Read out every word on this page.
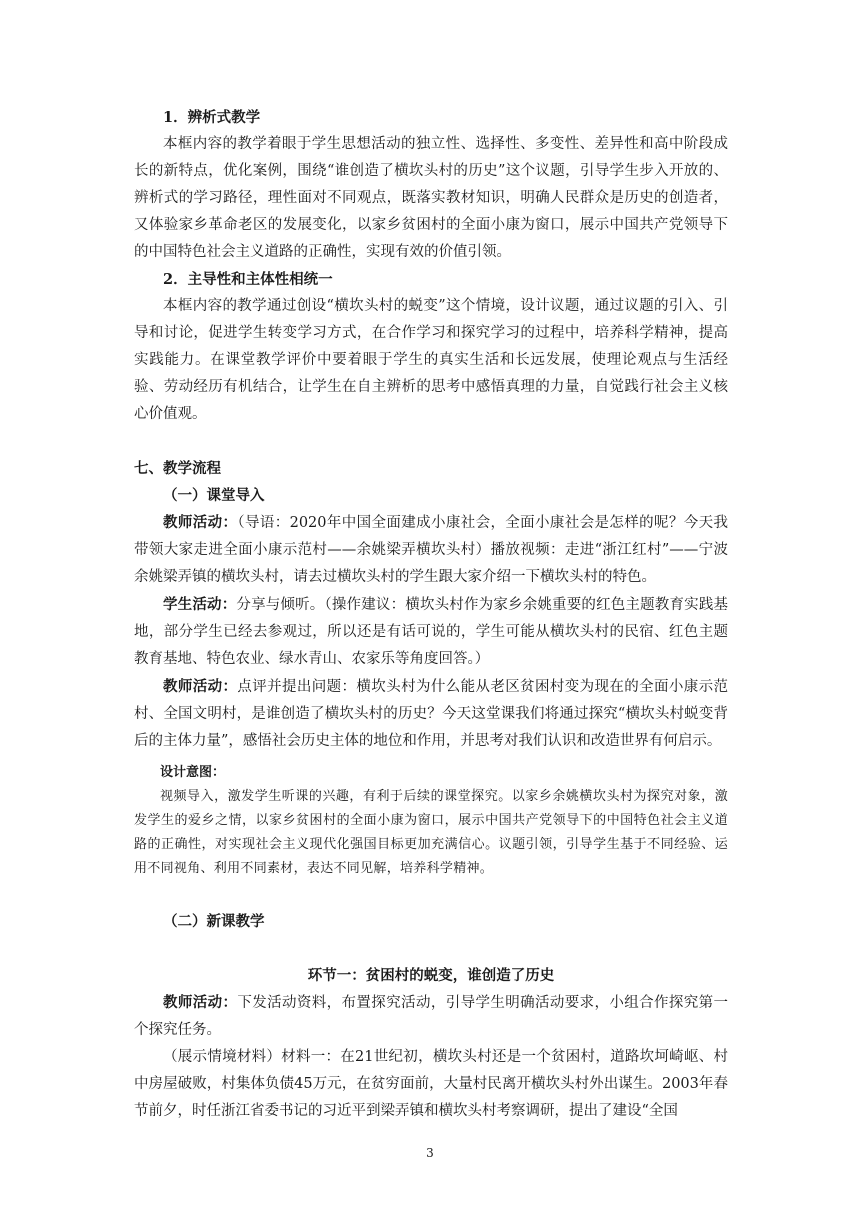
1．辨析式教学

本框内容的教学着眼于学生思想活动的独立性、选择性、多变性、差异性和高中阶段成长的新特点，优化案例，围绕“谁创造了横坎头村的历史”这个议题，引导学生步入开放的、辨析式的学习路径，理性面对不同观点，既落实教材知识，明确人民群众是历史的创造者，又体验家乡革命老区的发展变化，以家乡贫困村的全面小康为窗口，展示中国共产党领导下的中国特色社会主义道路的正确性，实现有效的价值引领。

2．主导性和主体性相统一

本框内容的教学通过创设“横坎头村的蜕变”这个情境，设计议题，通过议题的引入、引导和讨论，促进学生转变学习方式，在合作学习和探究学习的过程中，培养科学精神，提高实践能力。在课堂教学评价中要着眼于学生的真实生活和长远发展，使理论观点与生活经验、劳动经历有机结合，让学生在自主辨析的思考中感悟真理的力量，自觉践行社会主义核心价值观。

七、教学流程

（一）课堂导入

教师活动：（导语：2020年中国全面建成小康社会，全面小康社会是怎样的呢？今天我带领大家走进全面小康示范村——余姚梁弄横坎头村）播放视频：走进“浙江红村”——宁波余姚梁弄镇的横坎头村，请去过横坎头村的学生跟大家介绍一下横坎头村的特色。

学生活动：分享与倾听。（操作建议：横坎头村作为家乡余姚重要的红色主题教育实践基地，部分学生已经去参观过，所以还是有话可说的，学生可能从横坎头村的民宿、红色主题教育基地、特色农业、绿水青山、农家乐等角度回答。）

教师活动：点评并提出问题：横坎头村为什么能从老区贫困村变为现在的全面小康示范村、全国文明村，是谁创造了横坎头村的历史？今天这堂课我们将通过探究“横坎头村蜕变背后的主体力量”，感悟社会历史主体的地位和作用，并思考对我们认识和改造世界有何启示。

设计意图：

视频导入，激发学生听课的兴趣，有利于后续的课堂探究。以家乡余姚横坎头村为探究对象，激发学生的爱乡之情，以家乡贫困村的全面小康为窗口，展示中国共产党领导下的中国特色社会主义道路的正确性，对实现社会主义现代化强国目标更加充满信心。议题引领，引导学生基于不同经验、运用不同视角、利用不同素材，表达不同见解，培养科学精神。

（二）新课教学

环节一：贫困村的蜕变，谁创造了历史

教师活动：下发活动资料，布置探究活动，引导学生明确活动要求，小组合作探究第一个探究任务。

（展示情境材料）材料一：在21世纪初，横坎头村还是一个贫困村，道路坎坷崎岖、村中房屋破败，村集体负债45万元，在贫穷面前，大量村民离开横坎头村外出谋生。2003年春节前夕，时任浙江省委书记的习近平到梁弄镇和横坎头村考察调研，提出了建设“全国

3
